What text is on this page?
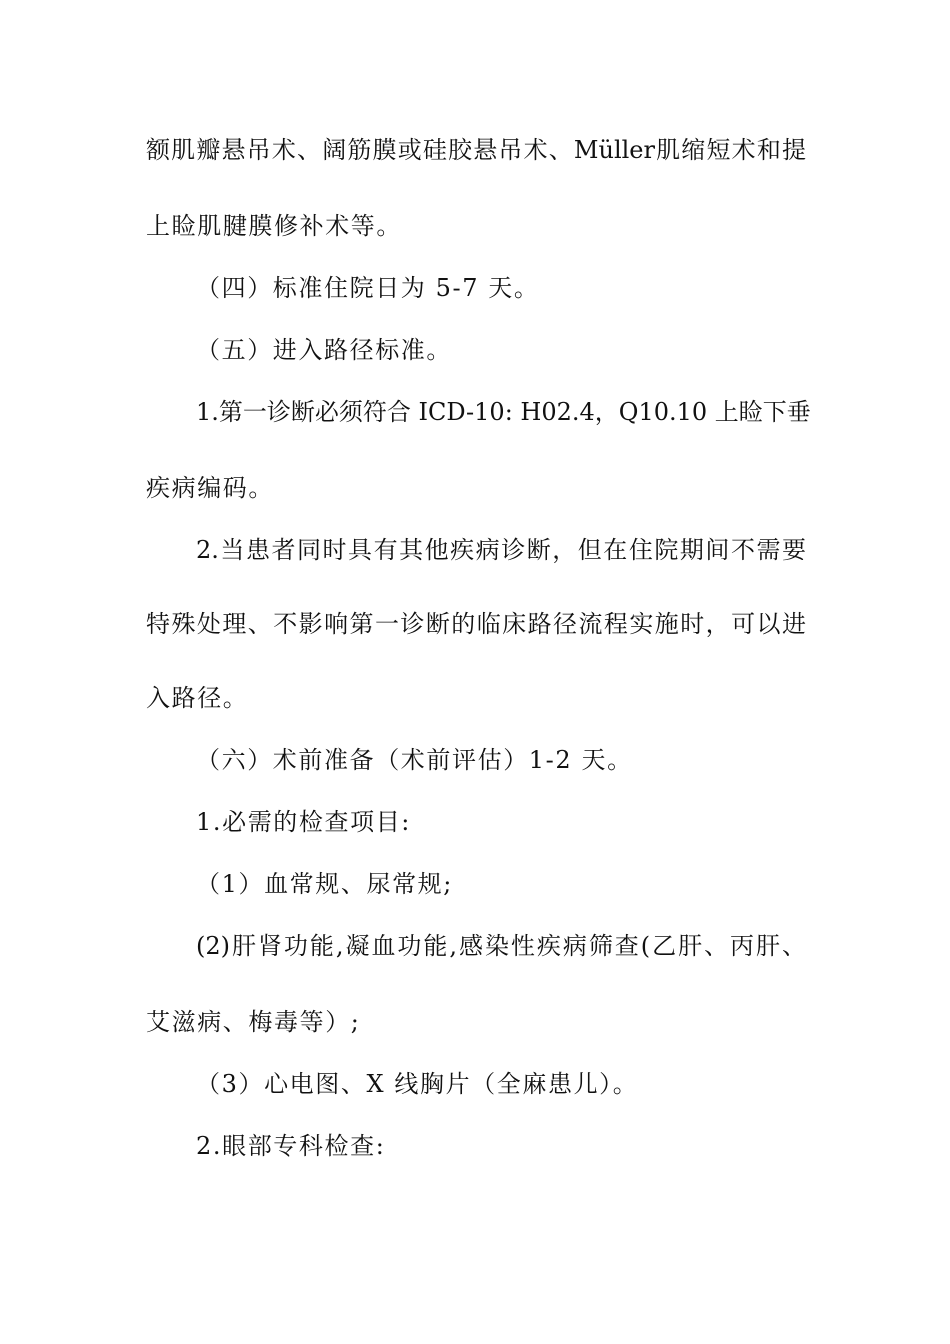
额肌瓣悬吊术、阔筋膜或硅胶悬吊术、Müller肌缩短术和提
上睑肌腱膜修补术等。
（四）标准住院日为 5-7 天。
（五）进入路径标准。
1.第一诊断必须符合 ICD-10: H02.4，Q10.10 上睑下垂
疾病编码。
2.当患者同时具有其他疾病诊断，但在住院期间不需要
特殊处理、不影响第一诊断的临床路径流程实施时，可以进
入路径。
（六）术前准备（术前评估）1-2 天。
1.必需的检查项目:
（1）血常规、尿常规;
(2)肝肾功能,凝血功能,感染性疾病筛查(乙肝、丙肝、
艾滋病、梅毒等）;
（3）心电图、X 线胸片（全麻患儿）。
2.眼部专科检查:
